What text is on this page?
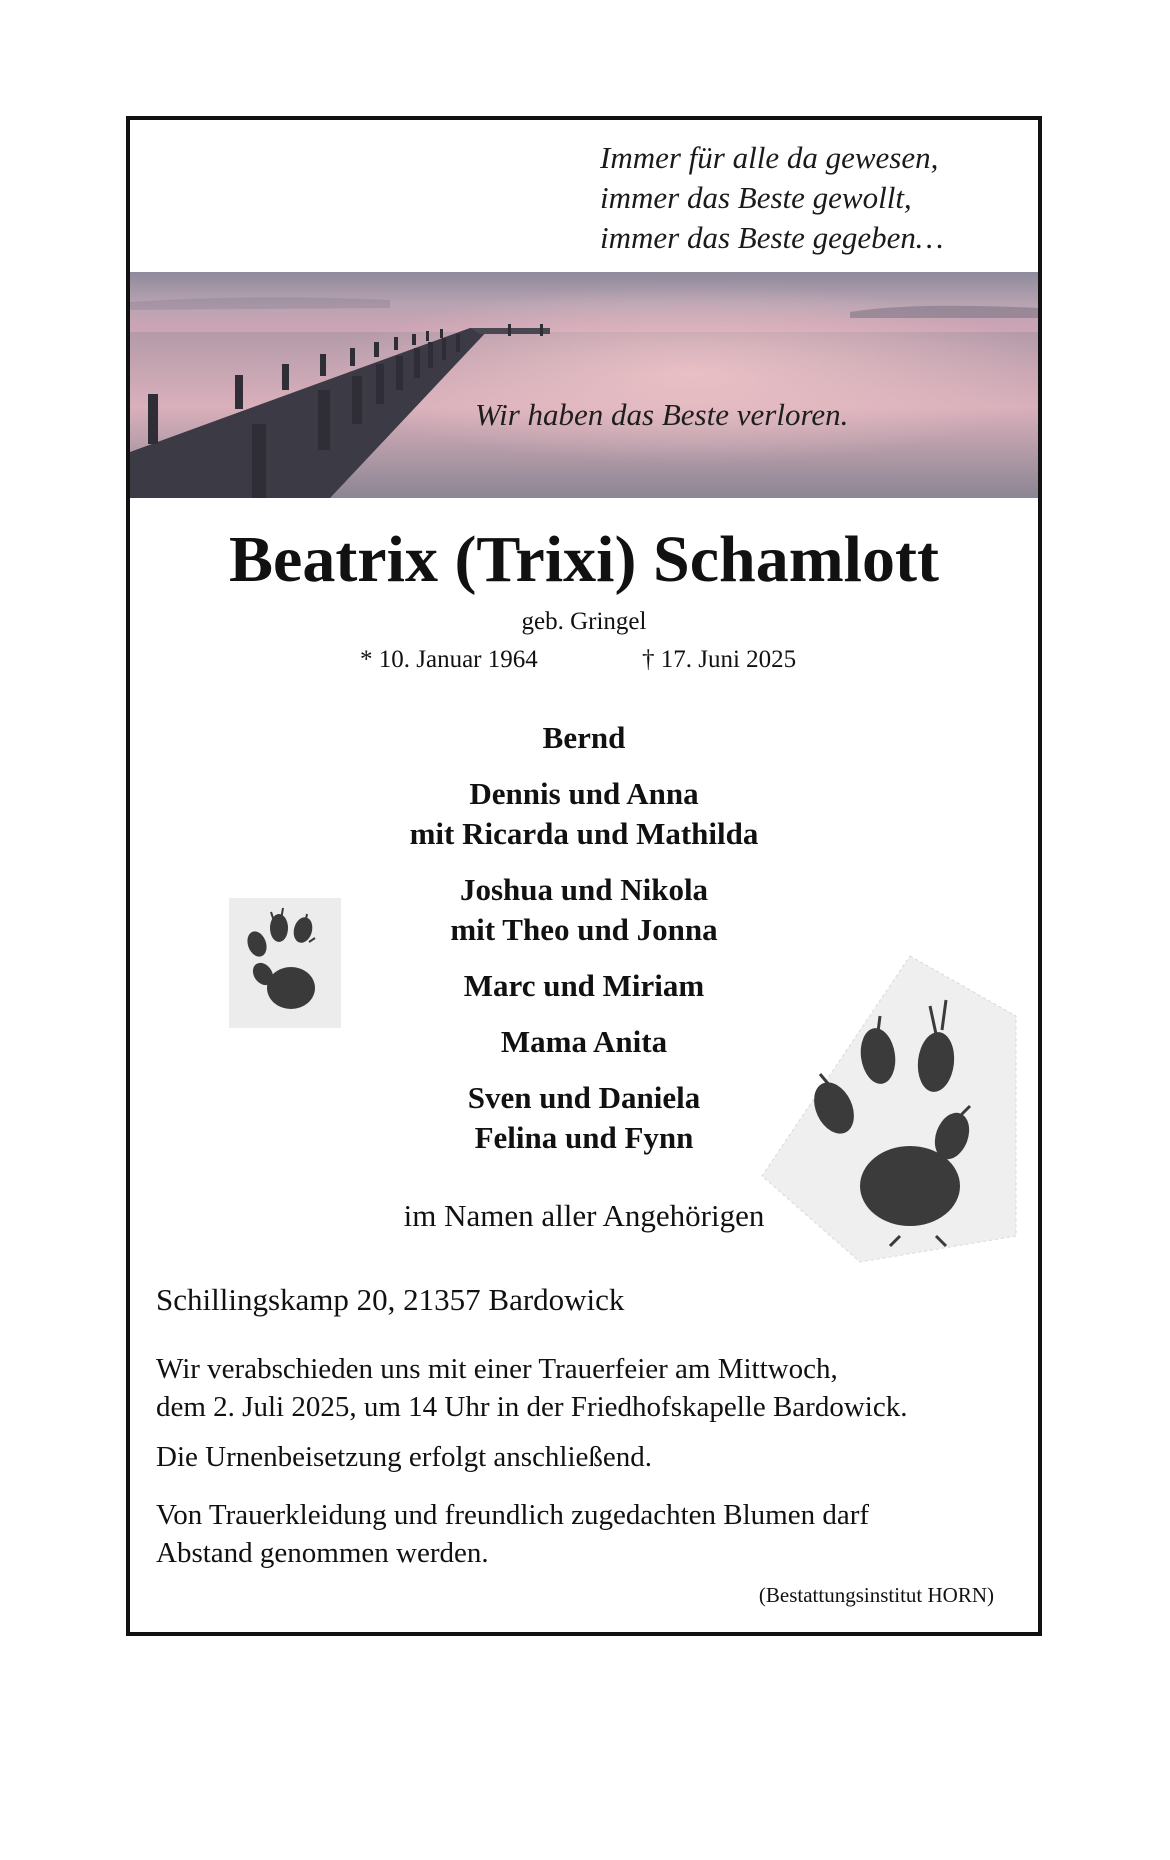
Immer für alle da gewesen,
immer das Beste gewollt,
immer das Beste gegeben…
Wir haben das Beste verloren.
Beatrix (Trixi) Schamlott
geb. Gringel
* 10. Januar 1964	† 17. Juni 2025
Bernd
Dennis und Anna
mit Ricarda und Mathilda
Joshua und Nikola
mit Theo und Jonna
Marc und Miriam
Mama Anita
Sven und Daniela
Felina und Fynn
im Namen aller Angehörigen
Schillingskamp 20, 21357 Bardowick
Wir verabschieden uns mit einer Trauerfeier am Mittwoch,
dem 2. Juli 2025, um 14 Uhr in der Friedhofskapelle Bardowick.
Die Urnenbeisetzung erfolgt anschließend.
Von Trauerkleidung und freundlich zugedachten Blumen darf
Abstand genommen werden.
(Bestattungsinstitut HORN)
